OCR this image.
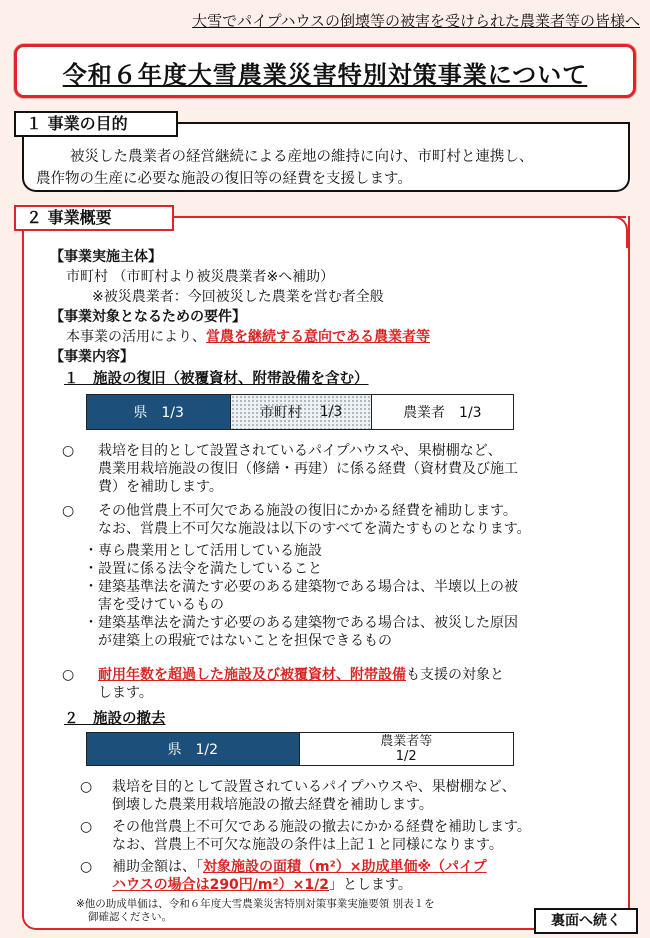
大雪でパイプハウスの倒壊等の被害を受けられた農業者等の皆様へ
令和６年度大雪農業災害特別対策事業について
１ 事業の目的
被災した農業者の経営継続による産地の維持に向け、市町村と連携し、
農作物の生産に必要な施設の復旧等の経費を支援します。
２ 事業概要
【事業実施主体】
市町村 （市町村より被災農業者※へ補助）
※被災農業者：今回被災した農業を営む者全般
【事業対象となるための要件】
本事業の活用により、営農を継続する意向である農業者等
【事業内容】
１　施設の復旧（被覆資材、附帯設備を含む）
県　1/3	市町村 1/3	農業者　1/3
○ 栽培を目的として設置されているパイプハウスや、果樹棚など、
農業用栽培施設の復旧（修繕・再建）に係る経費（資材費及び施工
費）を補助します。
○ その他営農上不可欠である施設の復旧にかかる経費を補助します。
なお、営農上不可欠な施設は以下のすべてを満たすものとなります。
・専ら農業用として活用している施設
・設置に係る法令を満たしていること
・建築基準法を満たす必要のある建築物である場合は、半壊以上の被
害を受けているもの
・建築基準法を満たす必要のある建築物である場合は、被災した原因
が建築上の瑕疵ではないことを担保できるもの
○ 耐用年数を超過した施設及び被覆資材、附帯設備も支援の対象と
します。
２　施設の撤去
県　1/2
農業者等
1/2
○ 栽培を目的として設置されているパイプハウスや、果樹棚など、
倒壊した農業用栽培施設の撤去経費を補助します。
○ その他営農上不可欠である施設の撤去にかかる経費を補助します。
なお、営農上不可欠な施設の条件は上記１と同様になります。
○ 補助金額は、「対象施設の面積（m²）×助成単価※（パイプ
ハウスの場合は290円/m²）×1/2」とします。
※他の助成単価は、令和６年度大雪農業災害特別対策事業実施要領 別表１を
御確認ください。	裏面へ続く
